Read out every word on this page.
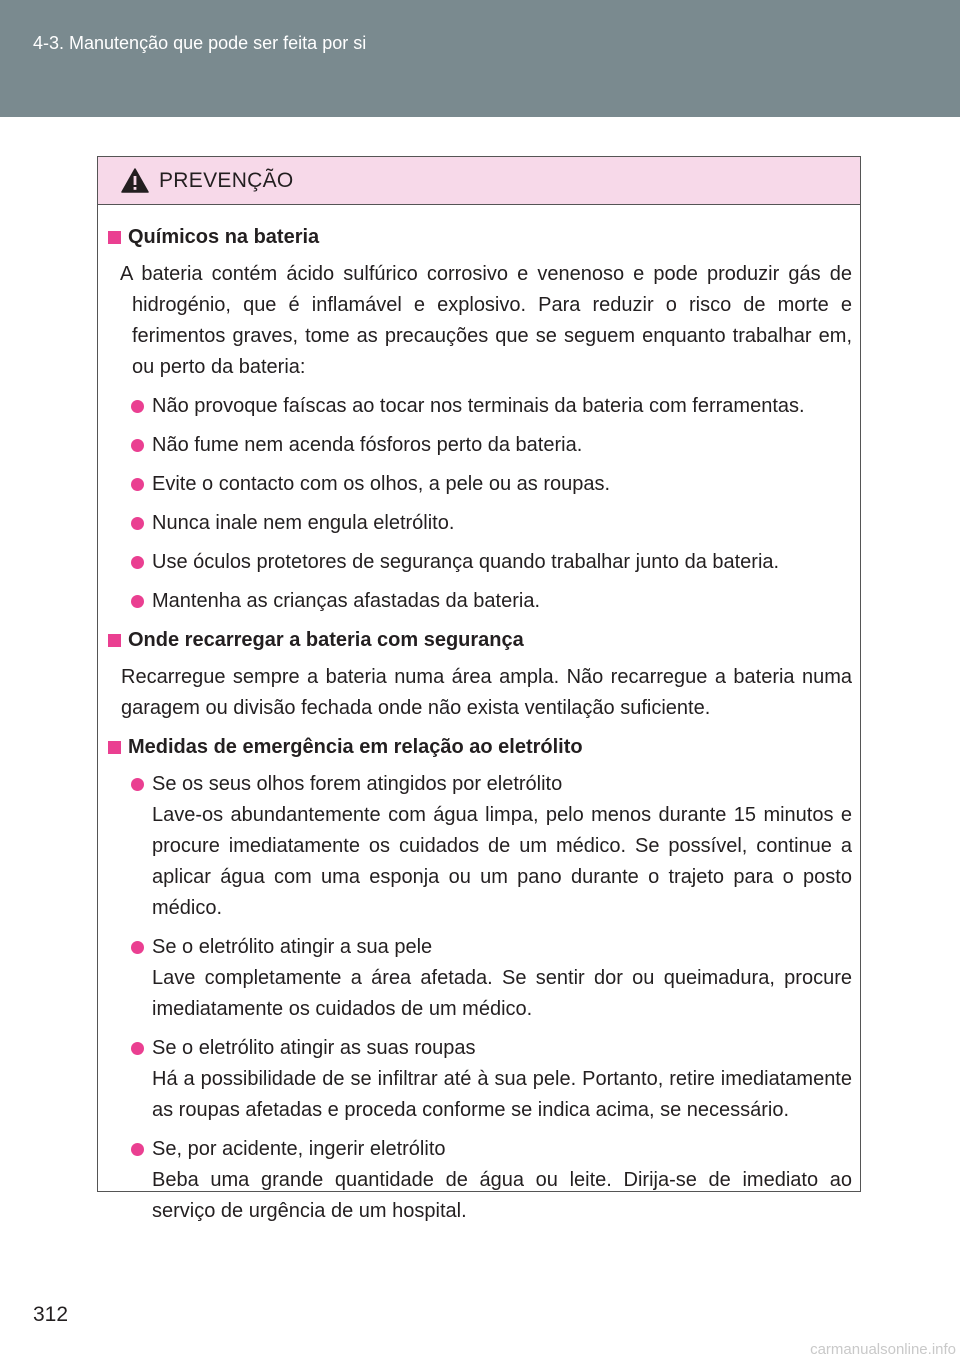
4-3. Manutenção que pode ser feita por si
PREVENÇÃO
Químicos na bateria
A bateria contém ácido sulfúrico corrosivo e venenoso e pode produzir gás de hidrogénio, que é inflamável e explosivo. Para reduzir o risco de morte e ferimentos graves, tome as precauções que se seguem enquanto trabalhar em, ou perto da bateria:
Não provoque faíscas ao tocar nos terminais da bateria com ferramentas.
Não fume nem acenda fósforos perto da bateria.
Evite o contacto com os olhos, a pele ou as roupas.
Nunca inale nem engula eletrólito.
Use óculos protetores de segurança quando trabalhar junto da bateria.
Mantenha as crianças afastadas da bateria.
Onde recarregar a bateria com segurança
Recarregue sempre a bateria numa área ampla. Não recarregue a bateria numa garagem ou divisão fechada onde não exista ventilação suficiente.
Medidas de emergência em relação ao eletrólito
Se os seus olhos forem atingidos por eletrólito
Lave-os abundantemente com água limpa, pelo menos durante 15 minutos e procure imediatamente os cuidados de um médico. Se possível, continue a aplicar água com uma esponja ou um pano durante o trajeto para o posto médico.
Se o eletrólito atingir a sua pele
Lave completamente a área afetada. Se sentir dor ou queimadura, procure imediatamente os cuidados de um médico.
Se o eletrólito atingir as suas roupas
Há a possibilidade de se infiltrar até à sua pele. Portanto, retire imediatamente as roupas afetadas e proceda conforme se indica acima, se necessário.
Se, por acidente, ingerir eletrólito
Beba uma grande quantidade de água ou leite. Dirija-se de imediato ao serviço de urgência de um hospital.
312
carmanualsonline.info
